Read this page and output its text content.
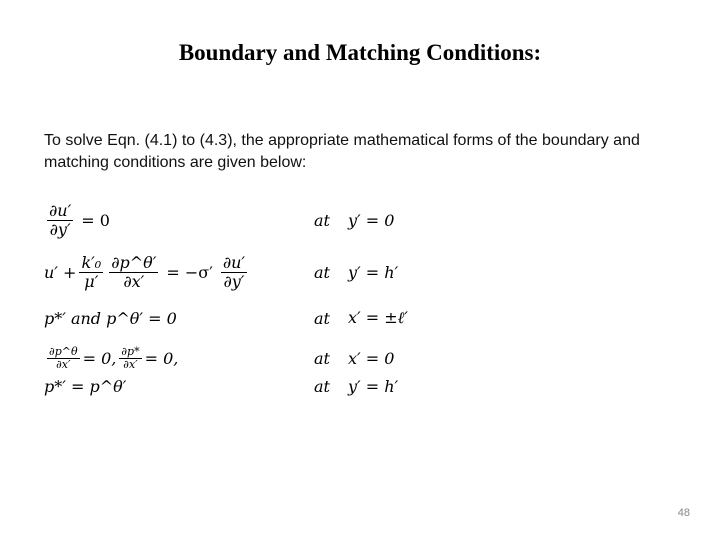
Boundary and Matching Conditions:
To solve Eqn. (4.1) to (4.3), the appropriate mathematical forms of the boundary and matching conditions are given below:
$\frac{\partial u'}{\partial y'} = 0$	at y′ = 0
$u' + \frac{\text{k′₀}}{\mu'} \frac{\partial p\^{}\theta'}{\partial x'} = -\sigma' \frac{\partial u'}{\partial y'}$	at y′ = h′
p*′ and p^θ′ = 0	at x′ = ±ℓ′
$\frac{\partial p\^{}\theta}{\partial x'} = 0$, $\frac{\partial p*}{\partial x'} = 0$,	at x′ = 0
p*′ = p^θ′	at y′ = h′
48
